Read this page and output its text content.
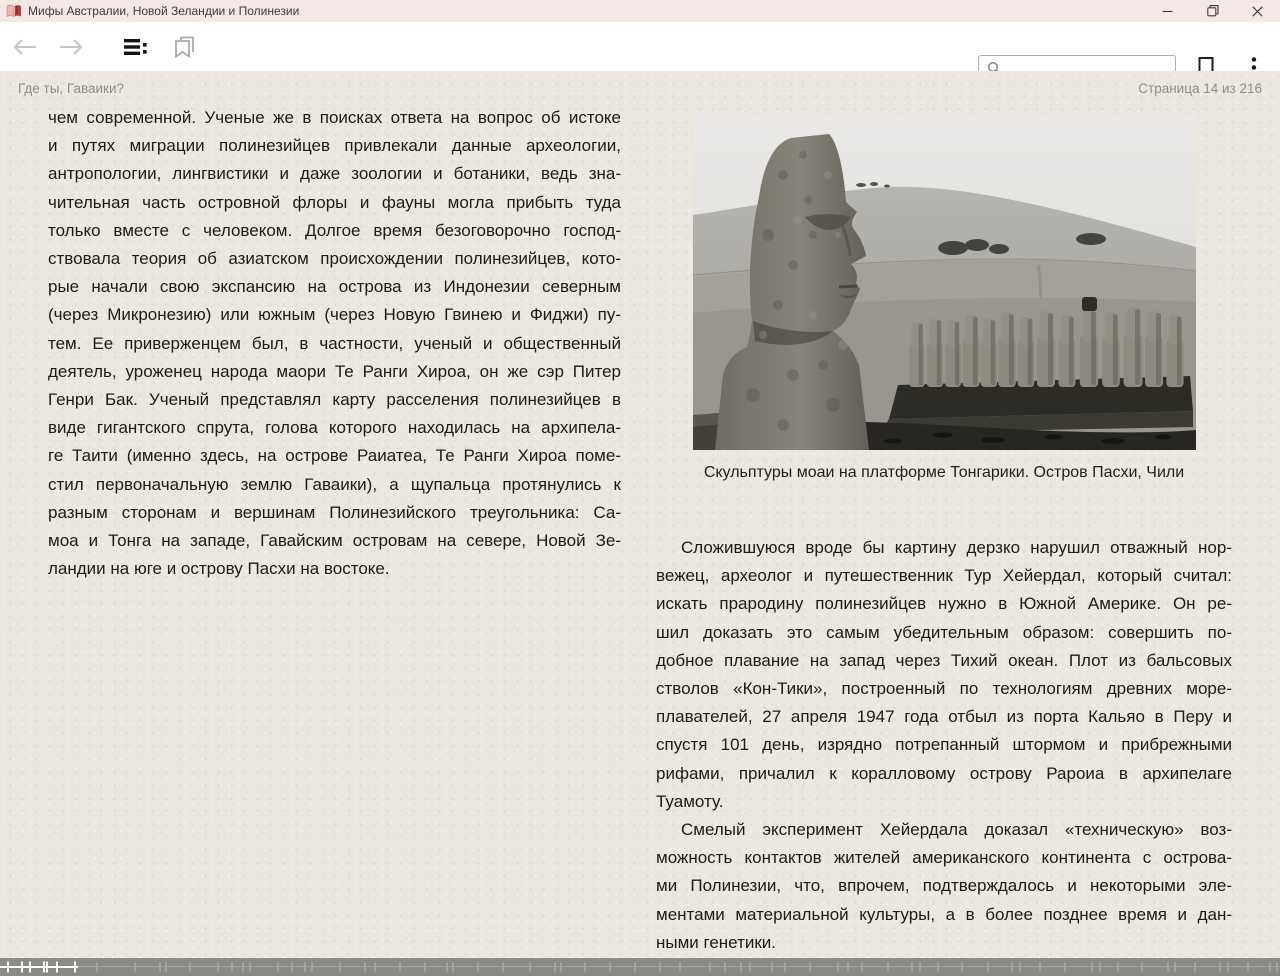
Мифы Австралии, Новой Зеландии и Полинезии
Где ты, Гаваики?	Страница 14 из 216
чем современной. Ученые же в поисках ответа на вопрос об истоке
и путях миграции полинезийцев привлекали данные археологии,
антропологии, лингвистики и даже зоологии и ботаники, ведь зна-
чительная часть островной флоры и фауны могла прибыть туда
только вместе с человеком. Долгое время безоговорочно господ-
ствовала теория об азиатском происхождении полинезийцев, кото-
рые начали свою экспансию на острова из Индонезии северным
(через Микронезию) или южным (через Новую Гвинею и Фиджи) пу-
тем. Ее приверженцем был, в частности, ученый и общественный
деятель, уроженец народа маори Те Ранги Хироа, он же сэр Питер
Генри Бак. Ученый представлял карту расселения полинезийцев в
виде гигантского спрута, голова которого находилась на архипела-
ге Таити (именно здесь, на острове Раиатеа, Те Ранги Хироа поме-
стил первоначальную землю Гаваики), а щупальца протянулись к
разным сторонам и вершинам Полинезийского треугольника: Са-
моа и Тонга на западе, Гавайским островам на севере, Новой Зе-
ландии на юге и острову Пасхи на востоке.
Скульптуры моаи на платформе Тонгарики. Остров Пасхи, Чили
Сложившуюся вроде бы картину дерзко нарушил отважный нор-
вежец, археолог и путешественник Тур Хейердал, который считал:
искать прародину полинезийцев нужно в Южной Америке. Он ре-
шил доказать это самым убедительным образом: совершить по-
добное плавание на запад через Тихий океан. Плот из бальсовых
стволов «Кон-Тики», построенный по технологиям древних море-
плавателей, 27 апреля 1947 года отбыл из порта Кальяо в Перу и
спустя 101 день, изрядно потрепанный штормом и прибрежными
рифами, причалил к коралловому острову Рароиа в архипелаге
Туамоту.
Смелый эксперимент Хейердала доказал «техническую» воз-
можность контактов жителей американского континента с острова-
ми Полинезии, что, впрочем, подтверждалось и некоторыми эле-
ментами материальной культуры, а в более позднее время и дан-
ными генетики.
